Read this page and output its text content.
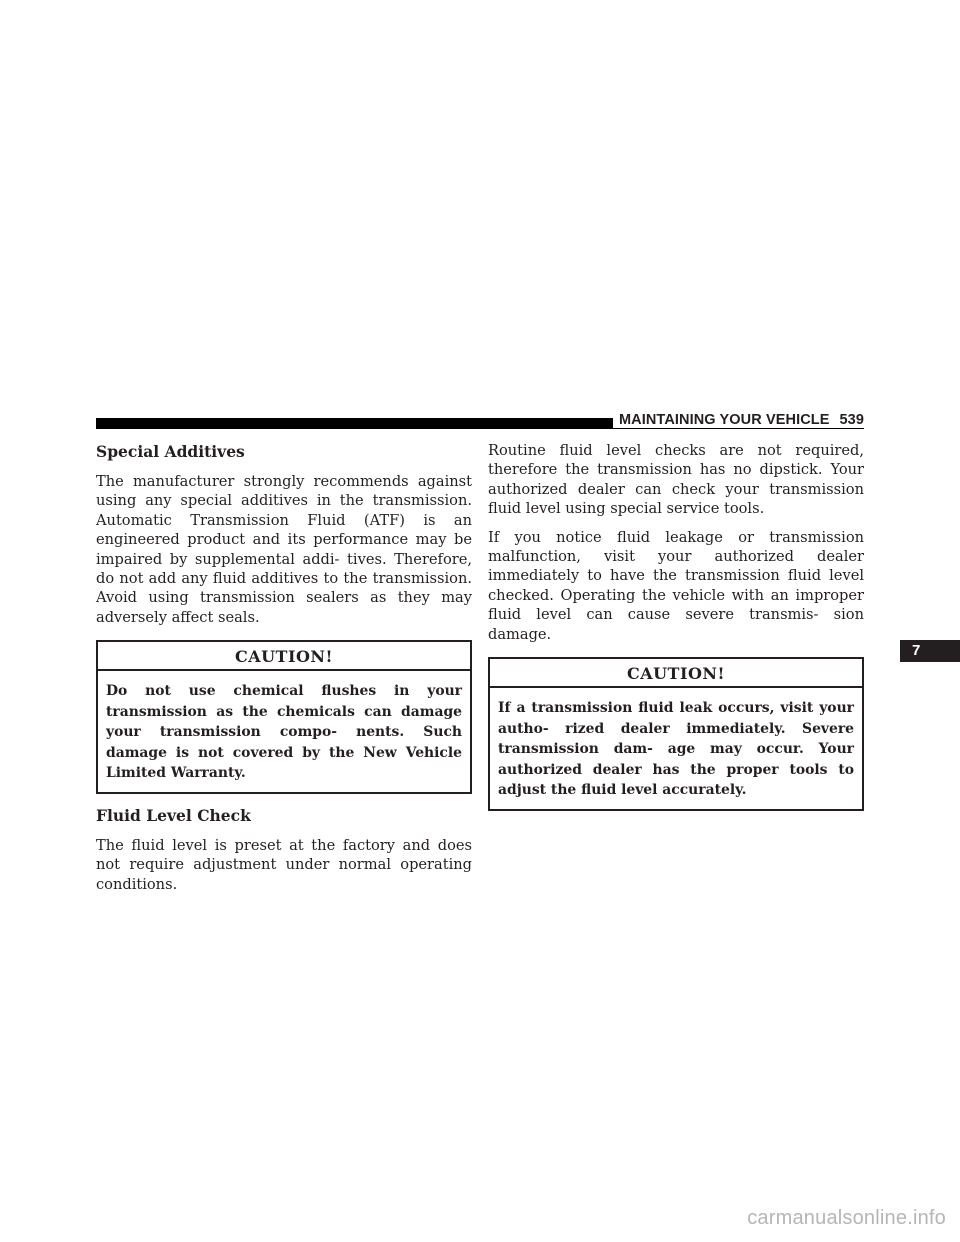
MAINTAINING YOUR VEHICLE 539
Special Additives

The manufacturer strongly recommends against using any special additives in the transmission. Automatic Transmission Fluid (ATF) is an engineered product and its performance may be impaired by supplemental addi- tives. Therefore, do not add any fluid additives to the transmission. Avoid using transmission sealers as they may adversely affect seals.

CAUTION!
Do not use chemical flushes in your transmission as the chemicals can damage your transmission compo- nents. Such damage is not covered by the New Vehicle Limited Warranty.
Fluid Level Check

The fluid level is preset at the factory and does not require adjustment under normal operating conditions.

Routine fluid level checks are not required, therefore the transmission has no dipstick. Your authorized dealer can check your transmission fluid level using special service tools.

If you notice fluid leakage or transmission malfunction, visit your authorized dealer immediately to have the transmission fluid level checked. Operating the vehicle with an improper fluid level can cause severe transmis- sion damage.

CAUTION!
If a transmission fluid leak occurs, visit your autho- rized dealer immediately. Severe transmission dam- age may occur. Your authorized dealer has the proper tools to adjust the fluid level accurately.
7
carmanualsonline.info
